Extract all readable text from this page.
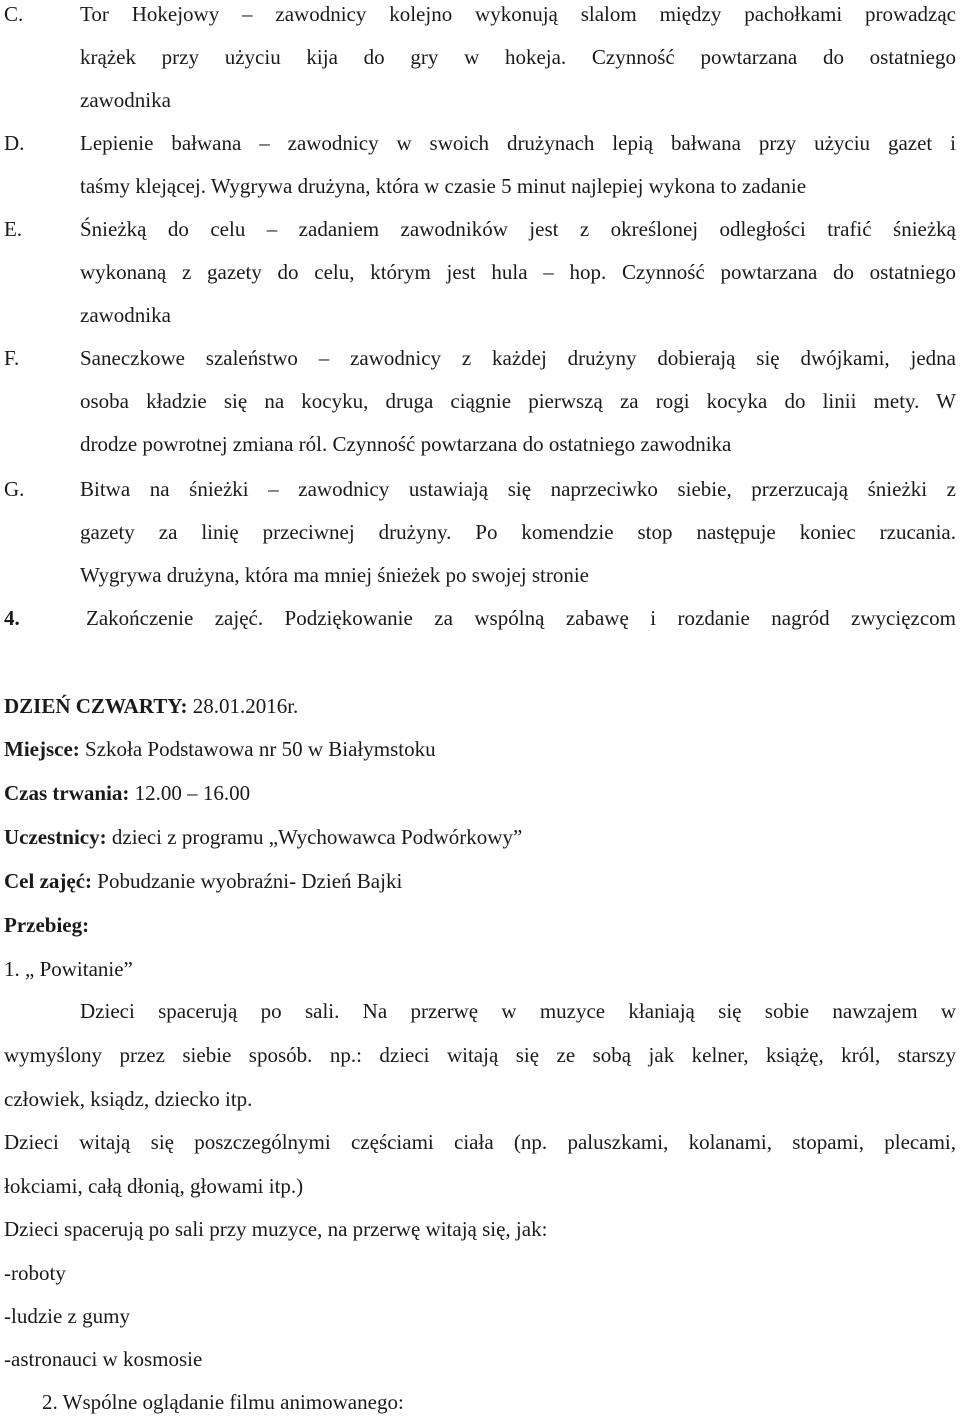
C.	Tor Hokejowy – zawodnicy kolejno wykonują slalom między pachołkami prowadząc
krążek przy użyciu kija do gry w hokeja. Czynność powtarzana do ostatniego
zawodnika
D.	Lepienie bałwana – zawodnicy w swoich drużynach lepią bałwana przy użyciu gazet i
taśmy klejącej. Wygrywa drużyna, która w czasie 5 minut najlepiej wykona to zadanie
E.	Śnieżką do celu – zadaniem zawodników jest z określonej odległości trafić śnieżką
wykonaną z gazety do celu, którym jest hula – hop. Czynność powtarzana do ostatniego
zawodnika
F.	Saneczkowe szaleństwo – zawodnicy z każdej drużyny dobierają się dwójkami, jedna
osoba kładzie się na kocyku, druga ciągnie pierwszą za rogi kocyka do linii mety. W
drodze powrotnej zmiana ról. Czynność powtarzana do ostatniego zawodnika
G.	Bitwa na śnieżki – zawodnicy ustawiają się naprzeciwko siebie, przerzucają śnieżki z
gazety za linię przeciwnej drużyny. Po komendzie stop następuje koniec rzucania.
Wygrywa drużyna, która ma mniej śnieżek po swojej stronie
4.	Zakończenie zajęć. Podziękowanie za wspólną zabawę i rozdanie nagród zwycięzcom
DZIEŃ CZWARTY: 28.01.2016r.
Miejsce: Szkoła Podstawowa nr 50 w Białymstoku
Czas trwania: 12.00 – 16.00
Uczestnicy: dzieci z programu „Wychowawca Podwórkowy”
Cel zajęć: Pobudzanie wyobraźni- Dzień Bajki
Przebieg:
1. „ Powitanie”
Dzieci spacerują po sali. Na przerwę w muzyce kłaniają się sobie nawzajem w
wymyślony przez siebie sposób. np.: dzieci witają się ze sobą jak kelner, książę, król, starszy
człowiek, ksiądz, dziecko itp.
Dzieci witają się poszczególnymi częściami ciała (np. paluszkami, kolanami, stopami, plecami,
łokciami, całą dłonią, głowami itp.)
Dzieci spacerują po sali przy muzyce, na przerwę witają się, jak:
-roboty
-ludzie z gumy
-astronauci w kosmosie
2. Wspólne oglądanie filmu animowanego:
